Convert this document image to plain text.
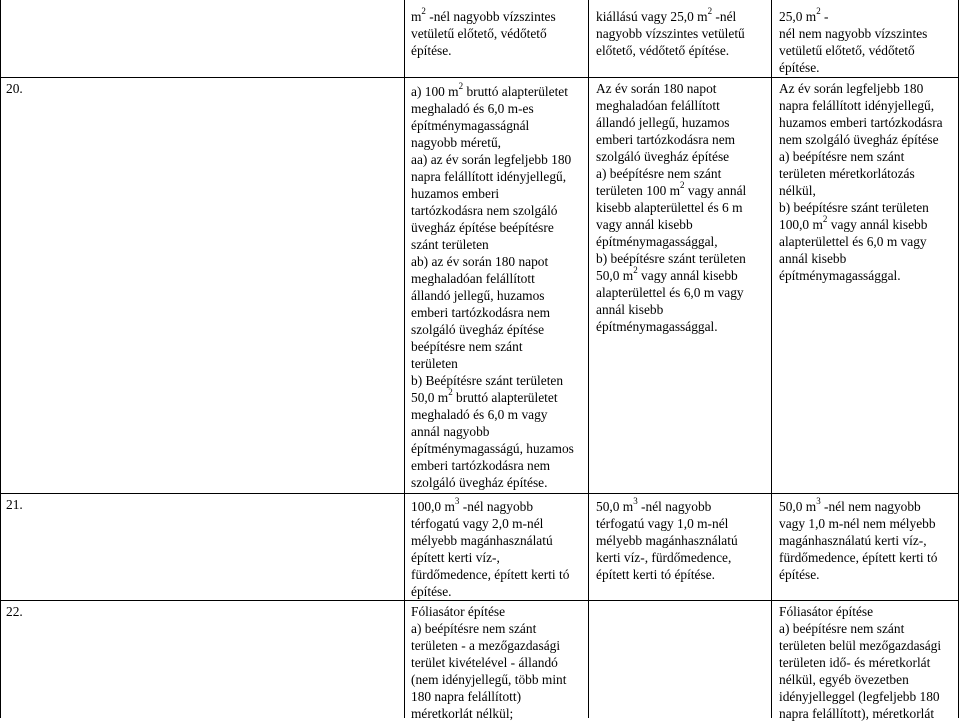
20.
21.
22.

$m^2$ -nél nagyobb vízszintes

vetületű előtető, védőtető

építése.

kiállású vagy 25,0 $m^2$ -nél

nagyobb vízszintes vetületű

előtető, védőtető építése.

25,0 $m^2$ -

nél nem nagyobb vízszintes

vetületű előtető, védőtető

építése.

a) 100 $m^2$ bruttó alapterületet

meghaladó és 6,0 m-es

építménymagasságnál

nagyobb méretű,

aa) az év során legfeljebb 180

napra felállított idényjellegű,

huzamos emberi

tartózkodásra nem szolgáló

üvegház építése beépítésre

szánt területen

ab) az év során 180 napot

meghaladóan felállított

állandó jellegű, huzamos

emberi tartózkodásra nem

szolgáló üvegház építése

beépítésre nem szánt

területen

b) Beépítésre szánt területen

50,0 $m^2$ bruttó alapterületet

meghaladó és 6,0 m vagy

annál nagyobb

építménymagasságú, huzamos

emberi tartózkodásra nem

szolgáló üvegház építése.

Az év során 180 napot

meghaladóan felállított

állandó jellegű, huzamos

emberi tartózkodásra nem

szolgáló üvegház építése

a) beépítésre nem szánt

területen 100 $m^2$ vagy annál

kisebb alapterülettel és 6 m

vagy annál kisebb

építménymagassággal,

b) beépítésre szánt területen

50,0 $m^2$ vagy annál kisebb

alapterülettel és 6,0 m vagy

annál kisebb

építménymagassággal.

Az év során legfeljebb 180

napra felállított idényjellegű,

huzamos emberi tartózkodásra

nem szolgáló üvegház építése

a) beépítésre nem szánt

területen méretkorlátozás

nélkül,

b) beépítésre szánt területen

100,0 $m^2$ vagy annál kisebb

alapterülettel és 6,0 m vagy

annál kisebb

építménymagassággal.

100,0 $m^3$ -nél nagyobb

térfogatú vagy 2,0 m-nél

mélyebb magánhasználatú

épített kerti víz-,

fürdőmedence, épített kerti tó

építése.

50,0 $m^3$ -nél nagyobb

térfogatú vagy 1,0 m-nél

mélyebb magánhasználatú

kerti víz-, fürdőmedence,

épített kerti tó építése.

50,0 $m^3$ -nél nem nagyobb

vagy 1,0 m-nél nem mélyebb

magánhasználatú kerti víz-,

fürdőmedence, épített kerti tó

építése.

Fóliasátor építése

a) beépítésre nem szánt

területen - a mezőgazdasági

terület kivételével - állandó

(nem idényjellegű, több mint

180 napra felállított)

méretkorlát nélkül;

Fóliasátor építése

a) beépítésre nem szánt

területen belül mezőgazdasági

területen idő- és méretkorlát

nélkül, egyéb övezetben

idényjelleggel (legfeljebb 180

napra felállított), méretkorlát
